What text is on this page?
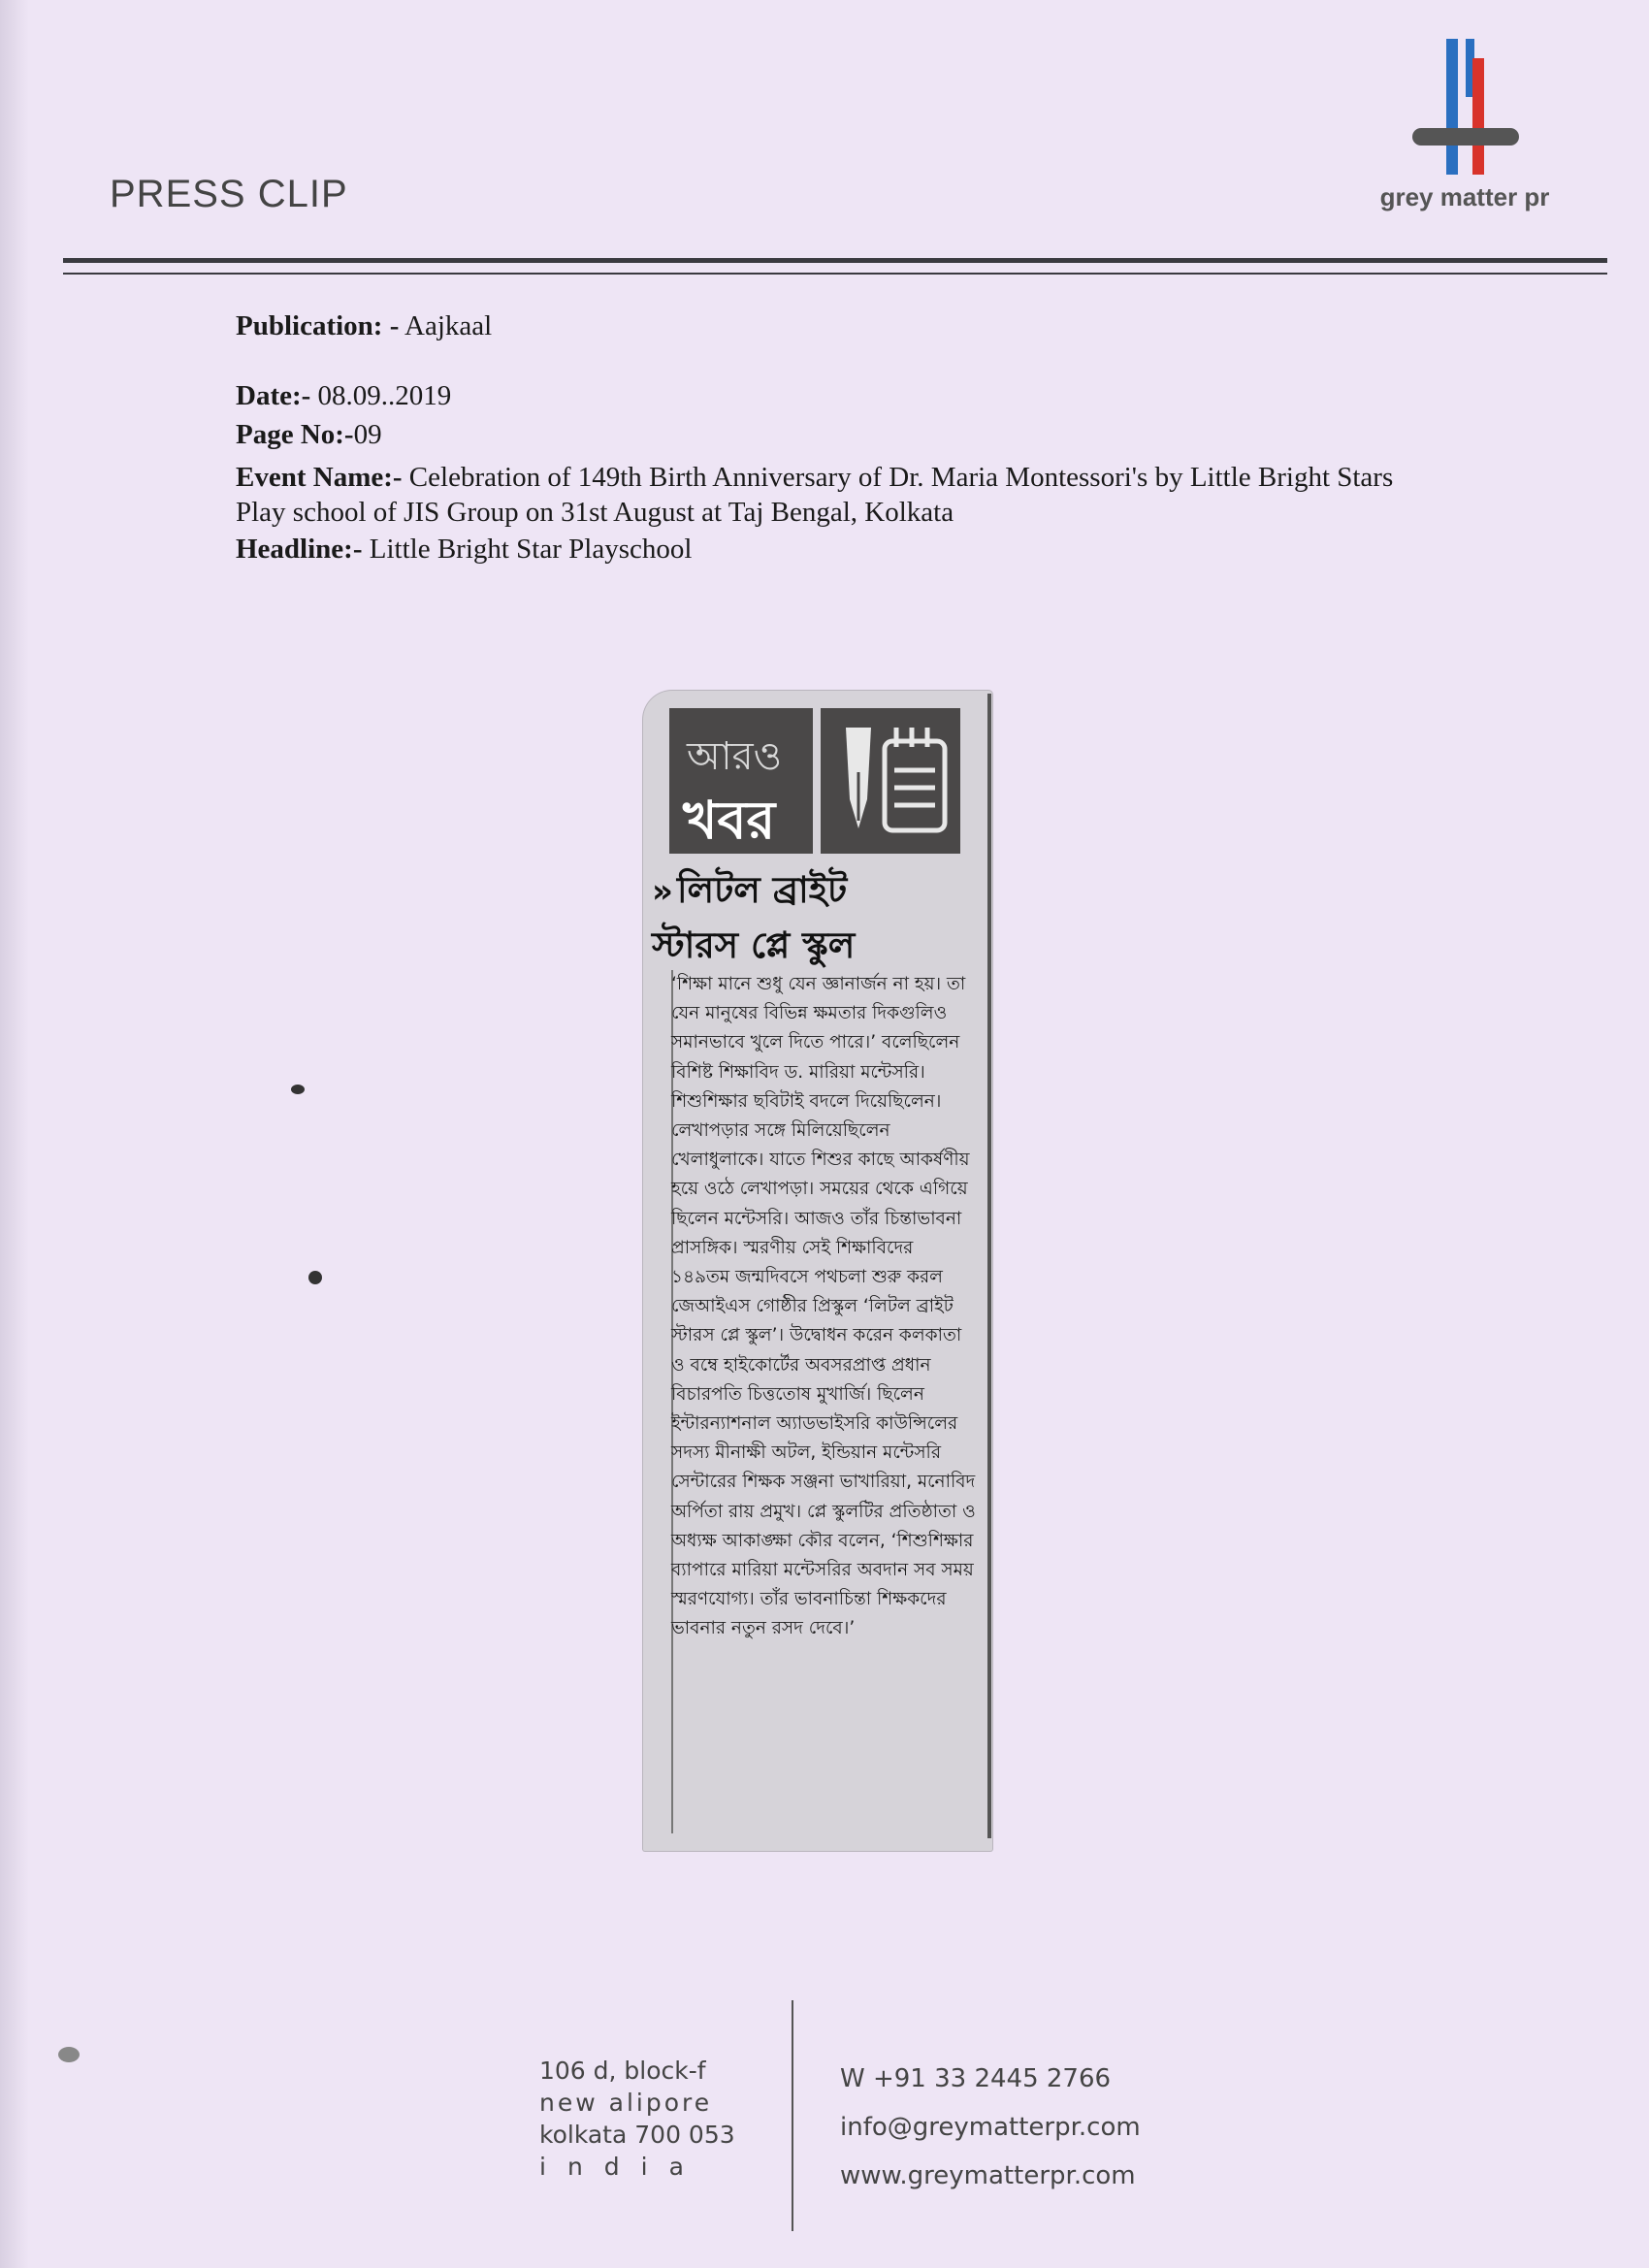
PRESS CLIP	grey matter pr
Publication: - Aajkaal
Date:- 08.09..2019
Page No:-09
Event Name:- Celebration of 149th Birth Anniversary of Dr. Maria Montessori's by Little Bright Stars Play school of JIS Group on 31st August at Taj Bengal, Kolkata
Headline:- Little Bright Star Playschool
আরও
খবর
» লিটল ব্রাইট
স্টারস প্লে স্কুল
‘শিক্ষা মানে শুধু যেন জ্ঞানার্জন না হয়। তা যেন মানুষের বিভিন্ন ক্ষমতার দিকগুলিও সমানভাবে খুলে দিতে পারে।’ বলেছিলেন বিশিষ্ট শিক্ষাবিদ ড. মারিয়া মন্টেসরি। শিশুশিক্ষার ছবিটাই বদলে দিয়েছিলেন। লেখাপড়ার সঙ্গে মিলিয়েছিলেন খেলাধুলাকে। যাতে শিশুর কাছে আকর্ষণীয় হয়ে ওঠে লেখাপড়া। সময়ের থেকে এগিয়ে ছিলেন মন্টেসরি। আজও তাঁর চিন্তাভাবনা প্রাসঙ্গিক। স্মরণীয় সেই শিক্ষাবিদের ১৪৯তম জন্মদিবসে পথচলা শুরু করল জেআইএস গোষ্ঠীর প্রিস্কুল ‘লিটল ব্রাইট স্টারস প্লে স্কুল’। উদ্বোধন করেন কলকাতা ও বম্বে হাইকোর্টের অবসরপ্রাপ্ত প্রধান বিচারপতি চিত্ততোষ মুখার্জি। ছিলেন ইন্টারন্যাশনাল অ্যাডভাইসরি কাউন্সিলের সদস্য মীনাক্ষী অটল, ইন্ডিয়ান মন্টেসরি সেন্টারের শিক্ষক সঞ্জনা ভাখারিয়া, মনোবিদ অর্পিতা রায় প্রমুখ। প্লে স্কুলটির প্রতিষ্ঠাতা ও অধ্যক্ষ আকাঙ্ক্ষা কৌর বলেন, ‘শিশুশিক্ষার ব্যাপারে মারিয়া মন্টেসরির অবদান সব সময় স্মরণযোগ্য। তাঁর ভাবনাচিন্তা শিক্ষকদের ভাবনার নতুন রসদ দেবে।’
106 d, block-f
new alipore
kolkata 700 053
india
W +91 33 2445 2766
info@greymatterpr.com
www.greymatterpr.com
